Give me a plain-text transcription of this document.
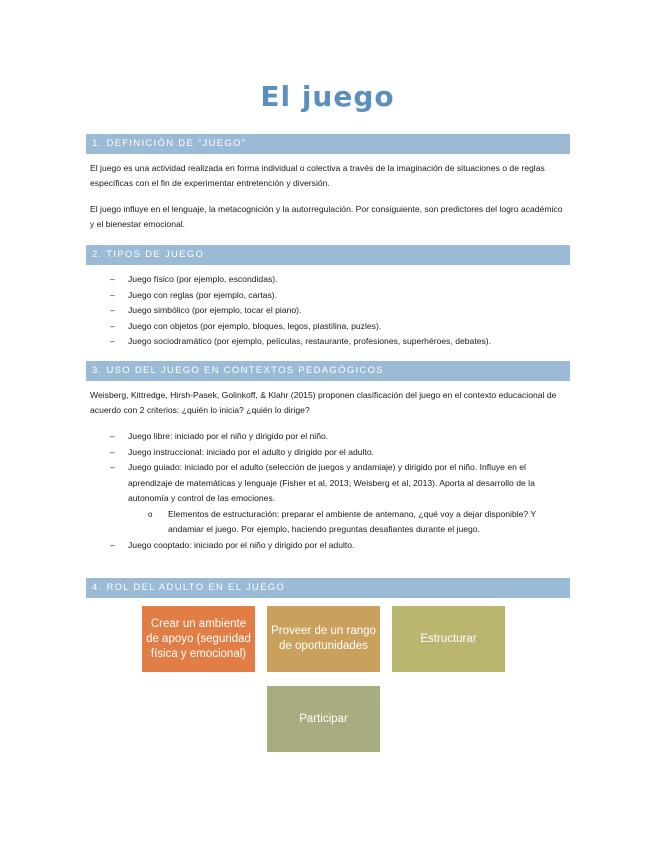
El juego
1. DEFINICIÓN DE “JUEGO”

El juego es una actividad realizada en forma individual o colectiva a través de la imaginación de situaciones o de reglas específicas con el fin de experimentar entretención y diversión.

El juego influye en el lenguaje, la metacognición y la autorregulación. Por consiguiente, son predictores del logro académico y el bienestar emocional.

2. TIPOS DE JUEGO
– Juego físico (por ejemplo, escondidas).
– Juego con reglas (por ejemplo, cartas).
– Juego simbólico (por ejemplo, tocar el piano).
– Juego con objetos (por ejemplo, bloques, legos, plastilina, puzles).
– Juego sociodramático (por ejemplo, películas, restaurante, profesiones, superhéroes, debates).
3. USO DEL JUEGO EN CONTEXTOS PEDAGÓGICOS

Weisberg, Kittredge, Hirsh-Pasek, Golinkoff, & Klahr (2015) proponen clasificación del juego en el contexto educacional de acuerdo con 2 criterios: ¿quién lo inicia? ¿quién lo dirige?

– Juego libre: iniciado por el niño y dirigido por el niño.
– Juego instruccional: iniciado por el adulto y dirigido por el adulto.
– Juego guiado: iniciado por el adulto (selección de juegos y andamiaje) y dirigido por el niño. Influye en el aprendizaje de matemáticas y lenguaje (Fisher et al, 2013; Weisberg et al, 2013). Aporta al desarrollo de la autonomía y control de las emociones.
o Elementos de estructuración: preparar el ambiente de antemano, ¿qué voy a dejar disponible? Y andamiar el juego. Por ejemplo, haciendo preguntas desafiantes durante el juego.
– Juego cooptado: iniciado por el niño y dirigido por el adulto.
4. ROL DEL ADULTO EN EL JUEGO
Crear un ambiente de apoyo (seguridad física y emocional)
Proveer de un rango de oportunidades
Estructurar
Participar
